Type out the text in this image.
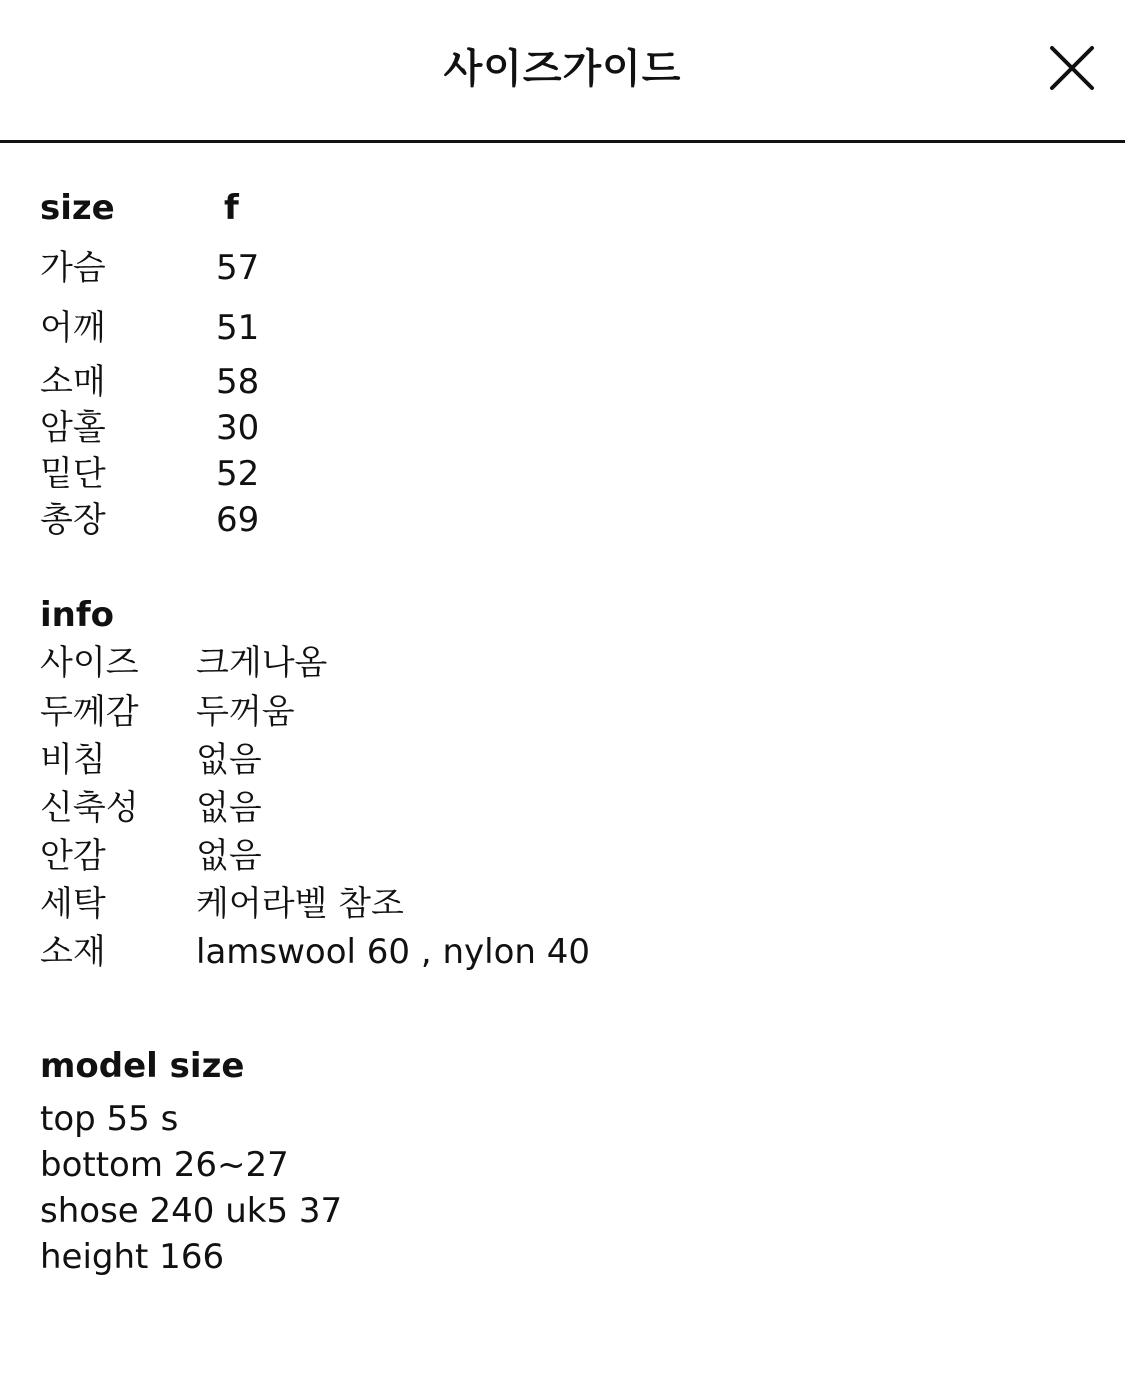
사이즈가이드
size	f
가슴	57
어깨	51
소매	58
암홀	30
밑단	52
총장	69
info
사이즈 크게나옴
두께감 두꺼움
비침	없음
신축성 없음
안감	없음
세탁	케어라벨 참조
소재	lamswool 60 , nylon 40
model size
top 55 s
bottom 26~27
shose 240 uk5 37
height 166
